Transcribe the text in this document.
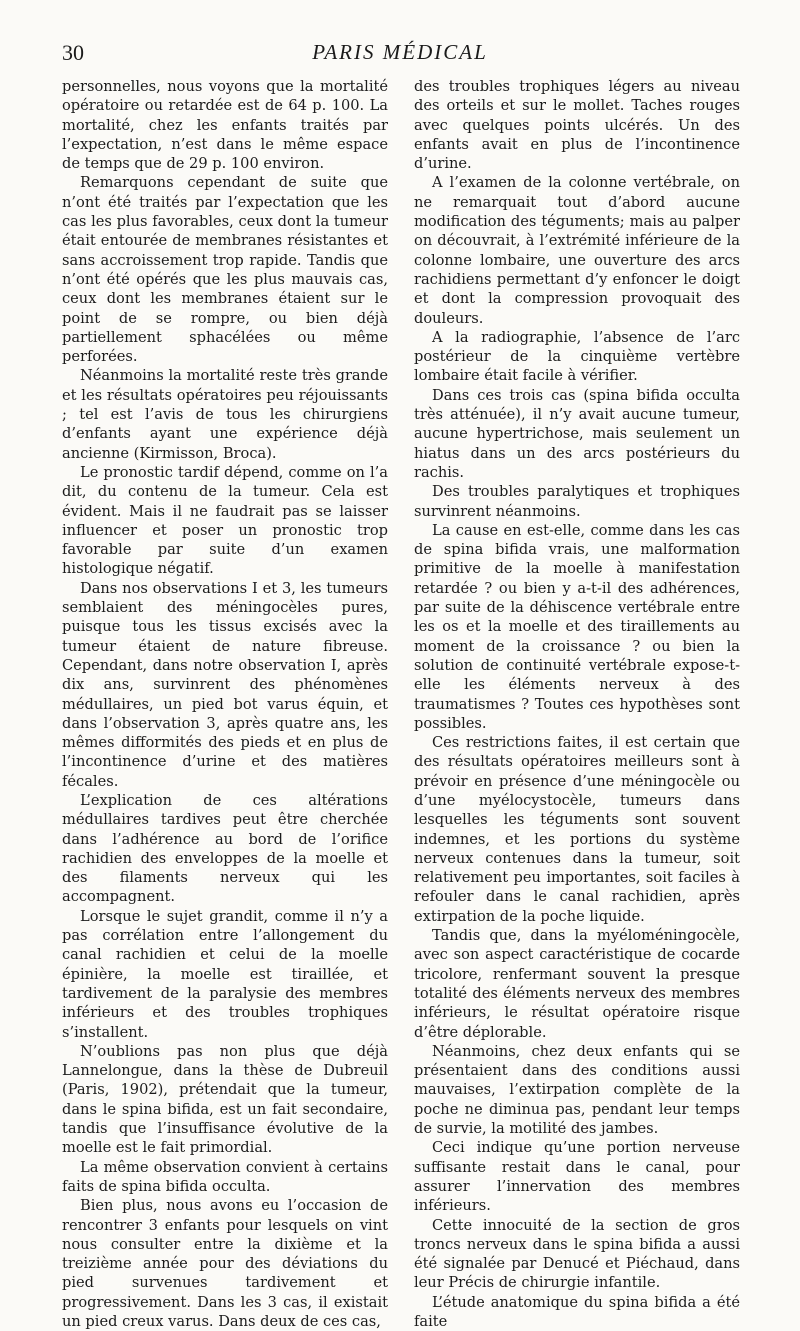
30	PARIS MÉDICAL

personnelles, nous voyons que la mortalité opératoire ou retardée est de 64 p. 100. La mortalité, chez les enfants traités par l’expectation, n’est dans le même espace de temps que de 29 p. 100 environ.

Remarquons cependant de suite que n’ont été traités par l’expectation que les cas les plus favorables, ceux dont la tumeur était entourée de membranes résistantes et sans accroissement trop rapide. Tandis que n’ont été opérés que les plus mauvais cas, ceux dont les membranes étaient sur le point de se rompre, ou bien déjà partiellement sphacélées ou même perforées.

Néanmoins la mortalité reste très grande et les résultats opératoires peu réjouissants ; tel est l’avis de tous les chirurgiens d’enfants ayant une expérience déjà ancienne (Kirmisson, Broca).

Le pronostic tardif dépend, comme on l’a dit, du contenu de la tumeur. Cela est évident. Mais il ne faudrait pas se laisser influencer et poser un pronostic trop favorable par suite d’un examen histologique négatif.

Dans nos observations I et 3, les tumeurs semblaient des méningocèles pures, puisque tous les tissus excisés avec la tumeur étaient de nature fibreuse. Cependant, dans notre observation I, après dix ans, survinrent des phénomènes médullaires, un pied bot varus équin, et dans l’observation 3, après quatre ans, les mêmes difformités des pieds et en plus de l’incontinence d’urine et des matières fécales.

L’explication de ces altérations médullaires tardives peut être cherchée dans l’adhérence au bord de l’orifice rachidien des enveloppes de la moelle et des filaments nerveux qui les accompagnent.

Lorsque le sujet grandit, comme il n’y a pas corrélation entre l’allongement du canal rachidien et celui de la moelle épinière, la moelle est tiraillée, et tardivement de la paralysie des membres inférieurs et des troubles trophiques s’installent.

N’oublions pas non plus que déjà Lannelongue, dans la thèse de Dubreuil (Paris, 1902), prétendait que la tumeur, dans le spina bifida, est un fait secondaire, tandis que l’insuffisance évolutive de la moelle est le fait primordial.

La même observation convient à certains faits de spina bifida occulta.

Bien plus, nous avons eu l’occasion de rencontrer 3 enfants pour lesquels on vint nous consulter entre la dixième et la treizième année pour des déviations du pied survenues tardivement et progressivement. Dans les 3 cas, il existait un pied creux varus. Dans deux de ces cas,

des troubles trophiques légers au niveau des orteils et sur le mollet. Taches rouges avec quelques points ulcérés. Un des enfants avait en plus de l’incontinence d’urine.

A l’examen de la colonne vertébrale, on ne remarquait tout d’abord aucune modification des téguments; mais au palper on découvrait, à l’extrémité inférieure de la colonne lombaire, une ouverture des arcs rachidiens permettant d’y enfoncer le doigt et dont la compression provoquait des douleurs.

A la radiographie, l’absence de l’arc postérieur de la cinquième vertèbre lombaire était facile à vérifier.

Dans ces trois cas (spina bifida occulta très atténuée), il n’y avait aucune tumeur, aucune hypertrichose, mais seulement un hiatus dans un des arcs postérieurs du rachis.

Des troubles paralytiques et trophiques survinrent néanmoins.

La cause en est-elle, comme dans les cas de spina bifida vrais, une malformation primitive de la moelle à manifestation retardée ? ou bien y a-t-il des adhérences, par suite de la déhiscence vertébrale entre les os et la moelle et des tiraillements au moment de la croissance ? ou bien la solution de continuité vertébrale expose-t-elle les éléments nerveux à des traumatismes ? Toutes ces hypothèses sont possibles.

Ces restrictions faites, il est certain que des résultats opératoires meilleurs sont à prévoir en présence d’une méningocèle ou d’une myélocystocèle, tumeurs dans lesquelles les téguments sont souvent indemnes, et les portions du système nerveux contenues dans la tumeur, soit relativement peu importantes, soit faciles à refouler dans le canal rachidien, après extirpation de la poche liquide.

Tandis que, dans la myéloméningocèle, avec son aspect caractéristique de cocarde tricolore, renfermant souvent la presque totalité des éléments nerveux des membres inférieurs, le résultat opératoire risque d’être déplorable.

Néanmoins, chez deux enfants qui se présentaient dans des conditions aussi mauvaises, l’extirpation complète de la poche ne diminua pas, pendant leur temps de survie, la motilité des jambes.

Ceci indique qu’une portion nerveuse suffisante restait dans le canal, pour assurer l’innervation des membres inférieurs.

Cette innocuité de la section de gros troncs nerveux dans le spina bifida a aussi été signalée par Denucé et Piéchaud, dans leur Précis de chirurgie infantile.

L’étude anatomique du spina bifida a été faite
